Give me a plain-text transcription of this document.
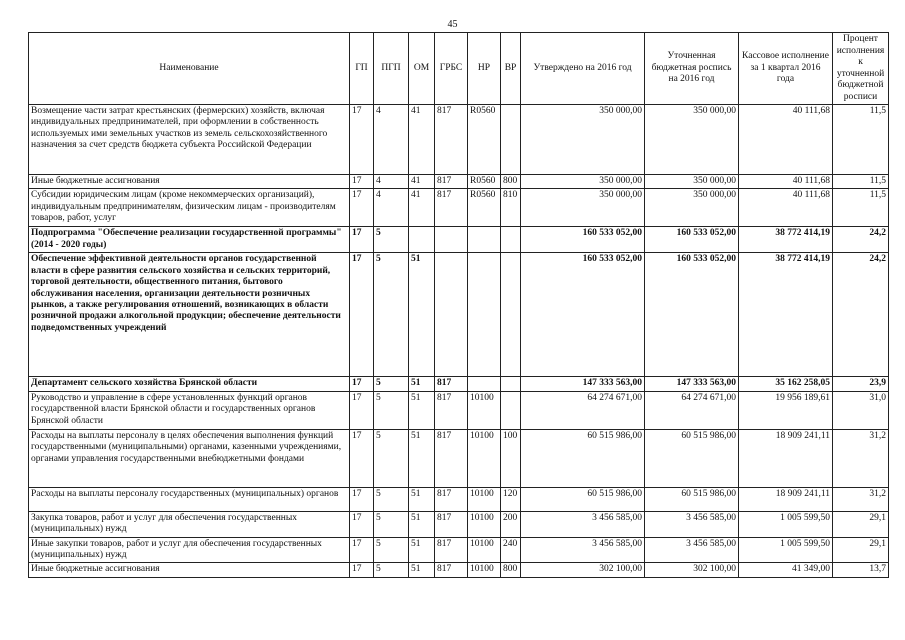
45
Наименование	ГП	ПГП	ОМ	ГРБС	НР	ВР	Утверждено на 2016 год	Уточненная бюджетная роспись на 2016 год	Кассовое исполнение за 1 квартал 2016 года	Процент исполнения к уточненной бюджетной росписи
Возмещение части затрат крестьянских (фермерских) хозяйств, включая индивидуальных предпринимателей, при оформлении в собственность используемых ими земельных участков из земель сельскохозяйственного назначения за счет средств бюджета субъекта Российской Федерации	17	4	41	817	R0560		350 000,00	350 000,00	40 111,68	11,5
Иные бюджетные ассигнования	17	4	41	817	R0560	800	350 000,00	350 000,00	40 111,68	11,5
Субсидии юридическим лицам (кроме некоммерческих организаций), индивидуальным предпринимателям, физическим лицам - производителям товаров, работ, услуг	17	4	41	817	R0560	810	350 000,00	350 000,00	40 111,68	11,5
Подпрограмма "Обеспечение реализации государственной программы" (2014 - 2020 годы)	17	5					160 533 052,00	160 533 052,00	38 772 414,19	24,2
Обеспечение эффективной деятельности органов государственной власти в сфере развития сельского хозяйства и сельских территорий, торговой деятельности, общественного питания, бытового обслуживания населения, организации деятельности розничных рынков, а также регулирования отношений, возникающих в области розничной продажи алкогольной продукции; обеспечение деятельности подведомственных учреждений	17	5	51				160 533 052,00	160 533 052,00	38 772 414,19	24,2
Департамент сельского хозяйства Брянской области	17	5	51	817			147 333 563,00	147 333 563,00	35 162 258,05	23,9
Руководство и управление в сфере установленных функций органов государственной власти Брянской области и государственных органов Брянской области	17	5	51	817	10100		64 274 671,00	64 274 671,00	19 956 189,61	31,0
Расходы на выплаты персоналу в целях обеспечения выполнения функций государственными (муниципальными) органами, казенными учреждениями, органами управления государственными внебюджетными фондами	17	5	51	817	10100	100	60 515 986,00	60 515 986,00	18 909 241,11	31,2
Расходы на выплаты персоналу государственных (муниципальных) органов	17	5	51	817	10100	120	60 515 986,00	60 515 986,00	18 909 241,11	31,2
Закупка товаров, работ и услуг для обеспечения государственных (муниципальных) нужд	17	5	51	817	10100	200	3 456 585,00	3 456 585,00	1 005 599,50	29,1
Иные закупки товаров, работ и услуг для обеспечения государственных (муниципальных) нужд	17	5	51	817	10100	240	3 456 585,00	3 456 585,00	1 005 599,50	29,1
Иные бюджетные ассигнования	17	5	51	817	10100	800	302 100,00	302 100,00	41 349,00	13,7
